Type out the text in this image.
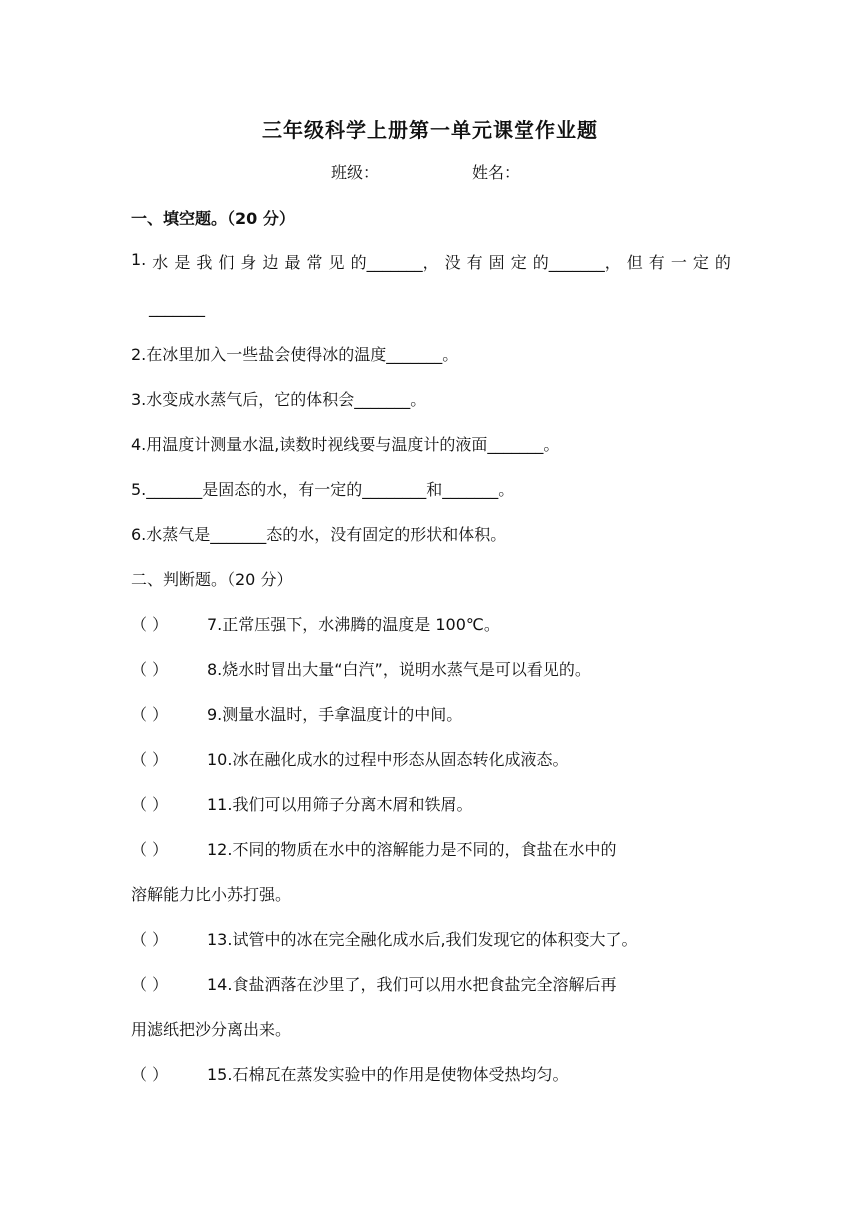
三年级科学上册第一单元课堂作业题
班级：	姓名：
一、填空题。（20 分）
1. 水 是 我 们 身 边 最 常 见 的_______， 没 有 固 定 的_______， 但 有 一 定 的
_______
2.在冰里加入一些盐会使得冰的温度_______。
3.水变成水蒸气后，它的体积会_______。
4.用温度计测量水温,读数时视线要与温度计的液面_______。
5._______是固态的水，有一定的________和_______。
6.水蒸气是_______态的水，没有固定的形状和体积。
二、判断题。（20 分）
（ ） 7.正常压强下，水沸腾的温度是 100℃。
（ ） 8.烧水时冒出大量“白汽”，说明水蒸气是可以看见的。
（ ） 9.测量水温时，手拿温度计的中间。
（ ） 10.冰在融化成水的过程中形态从固态转化成液态。
（ ） 11.我们可以用筛子分离木屑和铁屑。
（ ） 12.不同的物质在水中的溶解能力是不同的，食盐在水中的
溶解能力比小苏打强。
（ ） 13.试管中的冰在完全融化成水后,我们发现它的体积变大了。
（ ） 14.食盐洒落在沙里了，我们可以用水把食盐完全溶解后再
用滤纸把沙分离出来。
（ ） 15.石棉瓦在蒸发实验中的作用是使物体受热均匀。
